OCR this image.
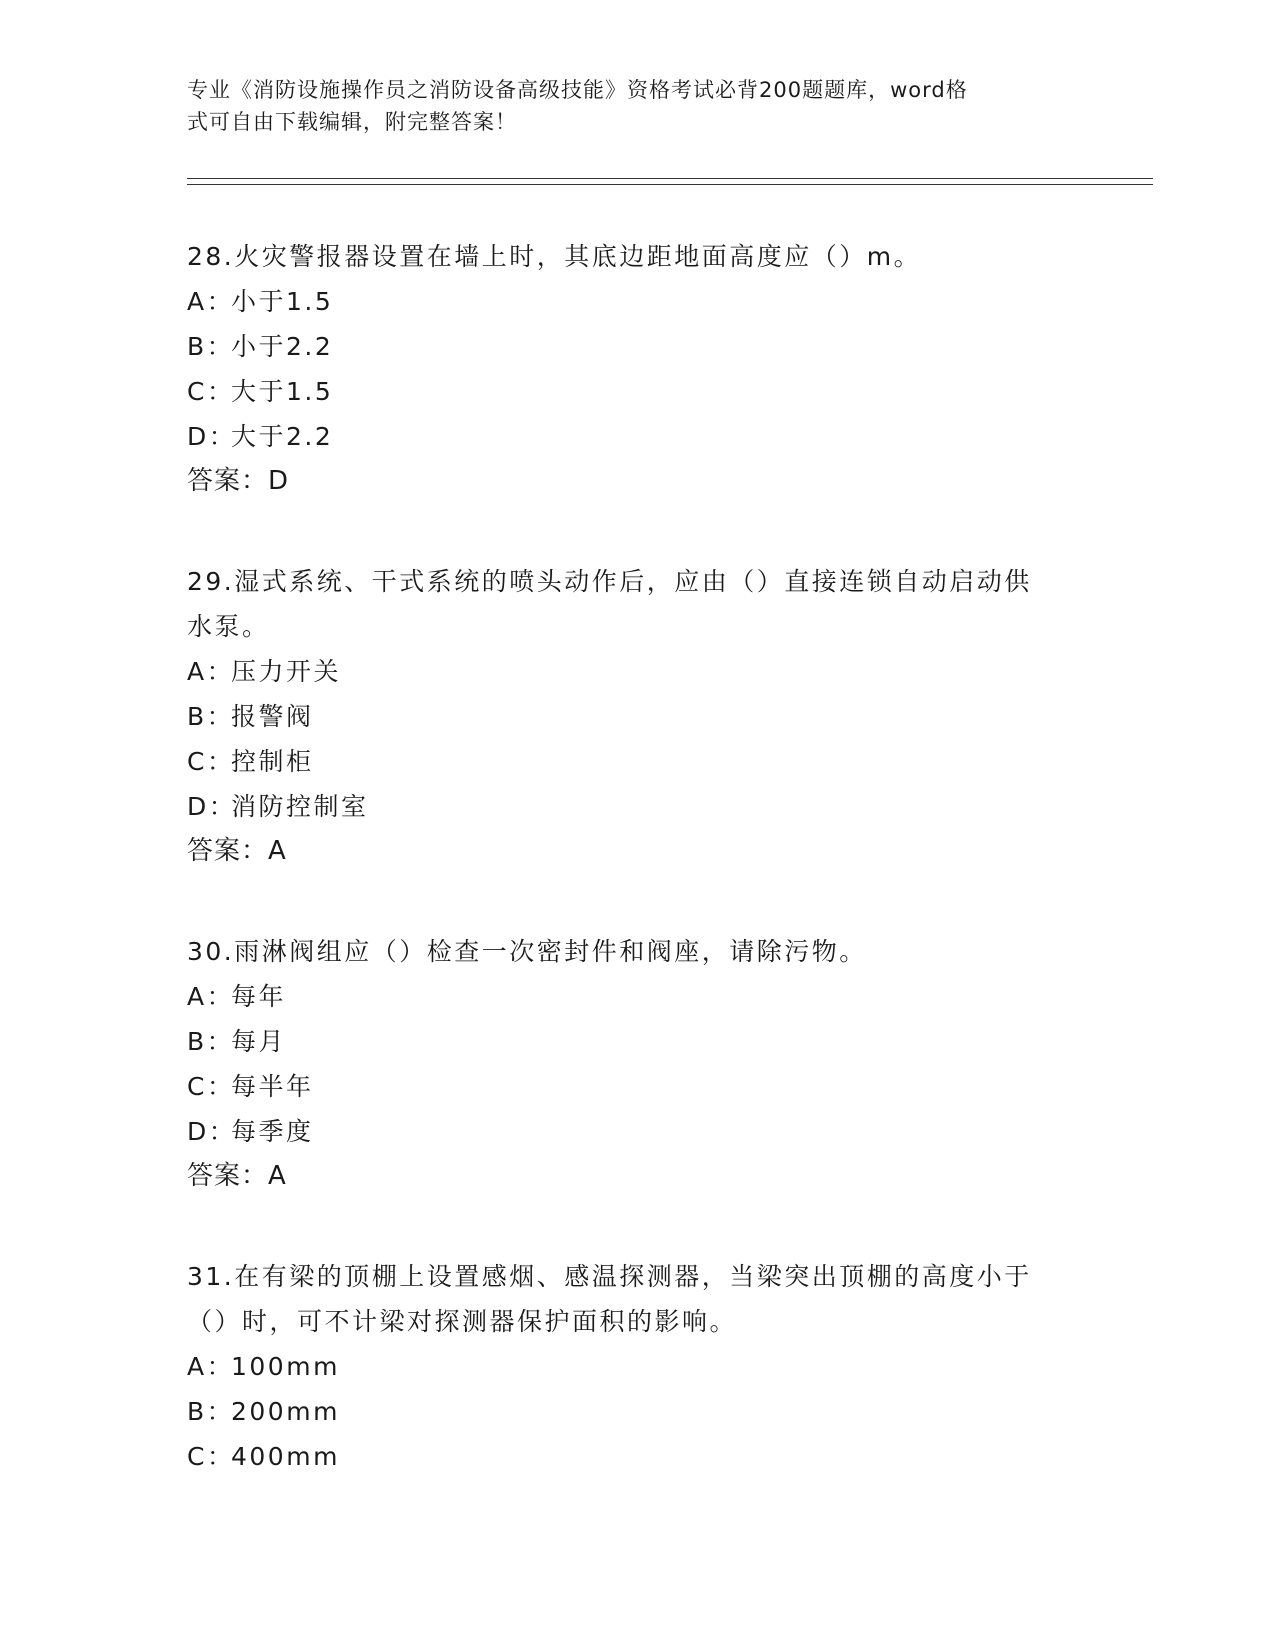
专业《消防设施操作员之消防设备高级技能》资格考试必背200题题库，word格
式可自由下载编辑，附完整答案！
28.火灾警报器设置在墙上时，其底边距地面高度应（）m。
A：小于1.5
B：小于2.2
C：大于1.5
D：大于2.2
答案：D
29.湿式系统、干式系统的喷头动作后，应由（）直接连锁自动启动供
水泵。
A：压力开关
B：报警阀
C：控制柜
D：消防控制室
答案：A
30.雨淋阀组应（）检查一次密封件和阀座，请除污物。
A：每年
B：每月
C：每半年
D：每季度
答案：A
31.在有梁的顶棚上设置感烟、感温探测器，当梁突出顶棚的高度小于
（）时，可不计梁对探测器保护面积的影响。
A：100mm
B：200mm
C：400mm
